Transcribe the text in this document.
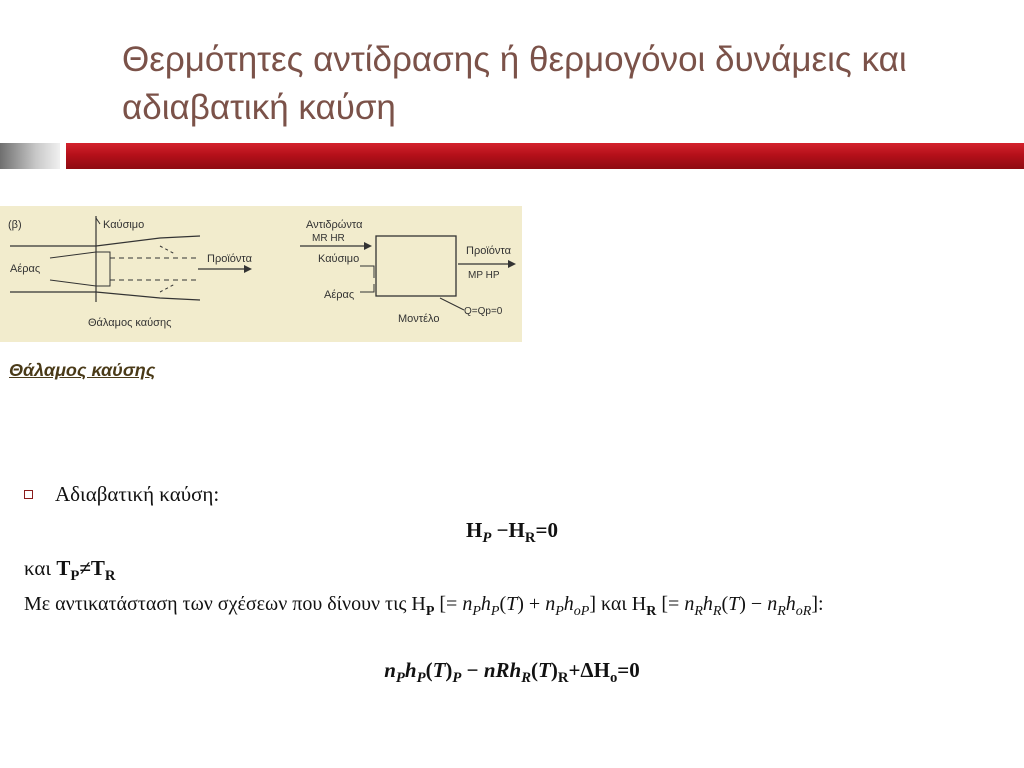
Θερμότητες αντίδρασης ή θερμογόνοι δυνάμεις και αδιαβατική καύση
(β)	Καύσιμο
Αέρας
Προϊόντα
Θάλαμος καύσης
Αντιδρώντα
MR HR
Καύσιμο
Αέρας
Προϊόντα
MP HP
Μοντέλο
Q=Qp=0
Θάλαμος καύσης
Αδιαβατική καύση:
$H_P -H_R=0$
και $T_P\ne T_R$
Με αντικατάσταση των σχέσεων που δίνουν τις $H_P$ [= $n_Ph_P(T) + n_Ph_{oP}$] και $H_R$ [= $n_Rh_R(T) - n_Rh_{oR}$]:
$n_Ph_P(T)_P - nRh_R(T)_R+\Delta H_o=0$
